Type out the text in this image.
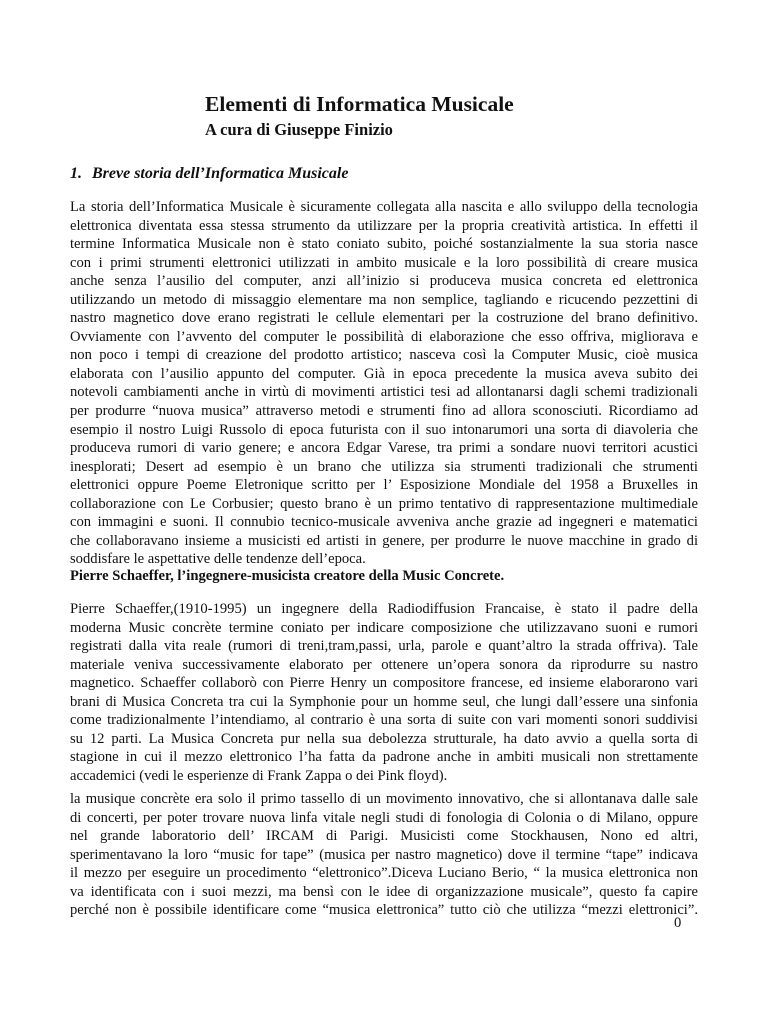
Elementi di Informatica Musicale
A cura di Giuseppe Finizio
1. Breve storia dell’Informatica Musicale
La storia dell’Informatica Musicale è sicuramente collegata alla nascita e allo sviluppo della tecnologia
elettronica diventata essa stessa strumento da utilizzare per la propria creatività artistica. In effetti il
termine Informatica Musicale non è stato coniato subito, poiché sostanzialmente la sua storia nasce
con i primi strumenti elettronici utilizzati in ambito musicale e la loro possibilità di creare musica
anche senza l’ausilio del computer, anzi all’inizio si produceva musica concreta ed elettronica
utilizzando un metodo di missaggio elementare ma non semplice, tagliando e ricucendo pezzettini di
nastro magnetico dove erano registrati le cellule elementari per la costruzione del brano definitivo.
Ovviamente con l’avvento del computer le possibilità di elaborazione che esso offriva, migliorava e
non poco i tempi di creazione del prodotto artistico; nasceva così la Computer Music, cioè musica
elaborata con l’ausilio appunto del computer. Già in epoca precedente la musica aveva subito dei
notevoli cambiamenti anche in virtù di movimenti artistici tesi ad allontanarsi dagli schemi tradizionali
per produrre “nuova musica” attraverso metodi e strumenti fino ad allora sconosciuti. Ricordiamo ad
esempio il nostro Luigi Russolo di epoca futurista con il suo intonarumori una sorta di diavoleria che
produceva rumori di vario genere; e ancora Edgar Varese, tra primi a sondare nuovi territori acustici
inesplorati; Desert ad esempio è un brano che utilizza sia strumenti tradizionali che strumenti
elettronici oppure Poeme Eletronique scritto per l’ Esposizione Mondiale del 1958 a Bruxelles in
collaborazione con Le Corbusier; questo brano è un primo tentativo di rappresentazione multimediale
con immagini e suoni. Il connubio tecnico-musicale avveniva anche grazie ad ingegneri e matematici
che collaboravano insieme a musicisti ed artisti in genere, per produrre le nuove macchine in grado di
soddisfare le aspettative delle tendenze dell’epoca.
Pierre Schaeffer, l’ingegnere-musicista creatore della Music Concrete.
Pierre Schaeffer,(1910-1995) un ingegnere della Radiodiffusion Francaise, è stato il padre della
moderna Music concrète termine coniato per indicare composizione che utilizzavano suoni e rumori
registrati dalla vita reale (rumori di treni,tram,passi, urla, parole e quant’altro la strada offriva). Tale
materiale veniva successivamente elaborato per ottenere un’opera sonora da riprodurre su nastro
magnetico. Schaeffer collaborò con Pierre Henry un compositore francese, ed insieme elaborarono vari
brani di Musica Concreta tra cui la Symphonie pour un homme seul, che lungi dall’essere una sinfonia
come tradizionalmente l’intendiamo, al contrario è una sorta di suite con vari momenti sonori suddivisi
su 12 parti. La Musica Concreta pur nella sua debolezza strutturale, ha dato avvio a quella sorta di
stagione in cui il mezzo elettronico l’ha fatta da padrone anche in ambiti musicali non strettamente
accademici (vedi le esperienze di Frank Zappa o dei Pink floyd).
la musique concrète era solo il primo tassello di un movimento innovativo, che si allontanava dalle sale
di concerti, per poter trovare nuova linfa vitale negli studi di fonologia di Colonia o di Milano, oppure
nel grande laboratorio dell’ IRCAM di Parigi. Musicisti come Stockhausen, Nono ed altri,
sperimentavano la loro “music for tape” (musica per nastro magnetico) dove il termine “tape” indicava
il mezzo per eseguire un procedimento “elettronico”.Diceva Luciano Berio, “ la musica elettronica non
va identificata con i suoi mezzi, ma bensì con le idee di organizzazione musicale”, questo fa capire
perché non è possibile identificare come “musica elettronica” tutto ciò che utilizza “mezzi elettronici”.
0
